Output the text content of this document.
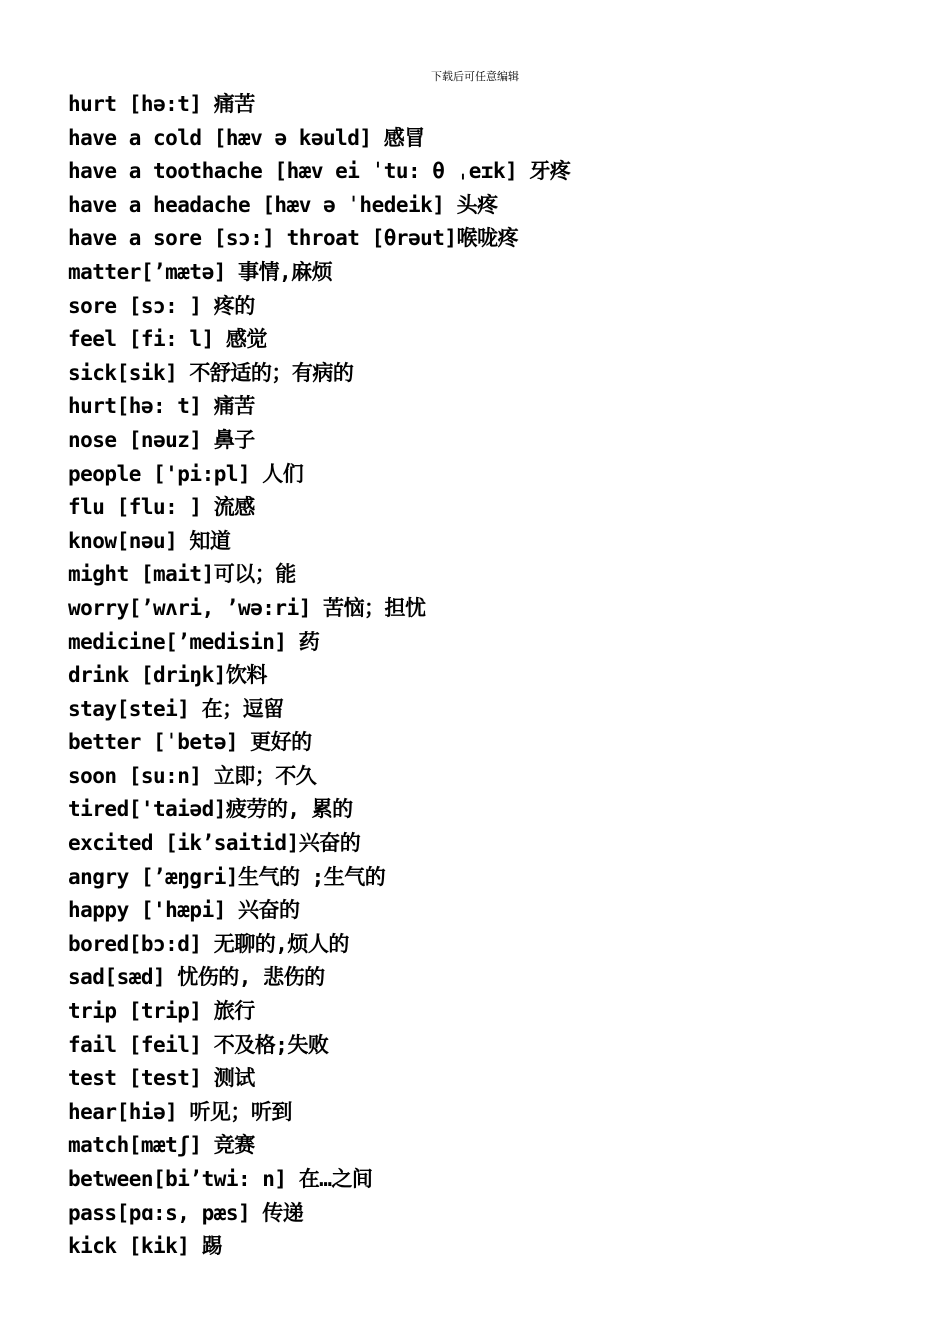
下载后可任意编辑
hurt [hə:t] 痛苦
have a cold [hæv ə kəuld] 感冒
have a toothache [hæv ei ˈtu: θ ˌeɪk] 牙疼
have a headache [hæv ə ˈhedeik] 头疼
have a sore [sɔ:] throat [θrəut]喉咙疼
matter[’mætə] 事情,麻烦
sore [sɔ: ] 疼的
feel [fi: l] 感觉
sick[sik] 不舒适的；有病的
hurt[hə: t] 痛苦
nose [nəuz] 鼻子
people ['pi:pl] 人们
flu [flu: ] 流感
know[nəu] 知道
might [mait]可以；能
worry[’wʌri, ’wə:ri] 苦恼；担忧
medicine[’medisin] 药
drink [driŋk]饮料
stay[stei] 在；逗留
better [ˈbetə] 更好的
soon [su:n] 立即；不久
tired['taiəd]疲劳的, 累的
excited [ik’saitid]兴奋的
angry [’æŋgri]生气的 ;生气的
happy ['hæpi] 兴奋的
bored[bɔ:d] 无聊的,烦人的
sad[sæd] 忧伤的, 悲伤的
trip [trip] 旅行
fail [feil] 不及格;失败
test [test] 测试
hear[hiə] 听见；听到
match[mætʃ] 竞赛
between[bi’twi: n] 在…之间
pass[pɑ:s, pæs] 传递
kick [kik] 踢
